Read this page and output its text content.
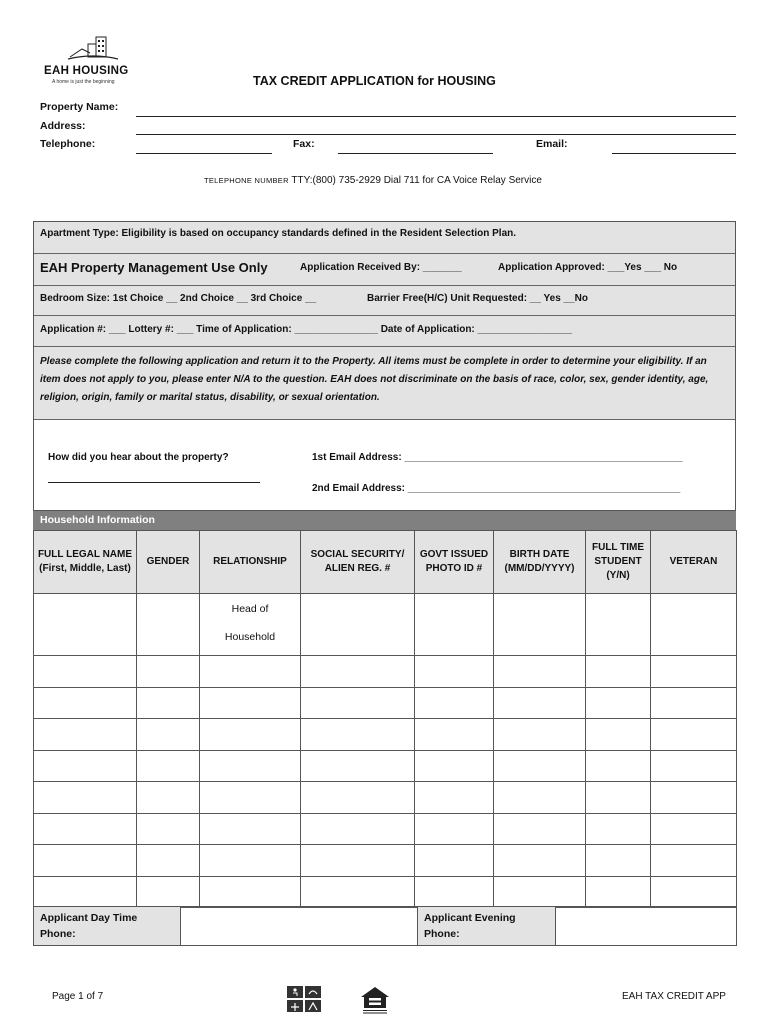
EAH HOUSING
A home is just the beginning	TAX CREDIT APPLICATION for HOUSING
Property Name:
Address:
Telephone:	Fax:	Email:
TELEPHONE NUMBER TTY:(800) 735-2929 Dial 711 for CA Voice Relay Service
Apartment Type: Eligibility is based on occupancy standards defined in the Resident Selection Plan.
EAH Property Management Use Only	Application Received By: _______	Application Approved: ___Yes ___ No
Bedroom Size: 1st Choice __ 2nd Choice __ 3rd Choice __	Barrier Free(H/C) Unit Requested: __ Yes __No
Application #: ___ Lottery #: ___ Time of Application: _______________ Date of Application: _________________
Please complete the following application and return it to the Property. All items must be complete in order to determine your eligibility. If an item does not apply to you, please enter N/A to the question. EAH does not discriminate on the basis of race, color, sex, gender identity, age, religion, origin, family or marital status, disability, or sexual orientation.
How did you hear about the property?	1st Email Address: __________________________________________________
2nd Email Address: _________________________________________________
Household Information
FULL LEGAL NAME (First, Middle, Last)	GENDER	RELATIONSHIP	SOCIAL SECURITY/ ALIEN REG. #	GOVT ISSUED PHOTO ID #	BIRTH DATE (MM/DD/YYYY)	FULL TIME STUDENT (Y/N)	VETERAN

		Head of
Household					

Applicant Day Time Phone:		Applicant Evening Phone:	
Page 1 of 7	EAH TAX CREDIT APP
